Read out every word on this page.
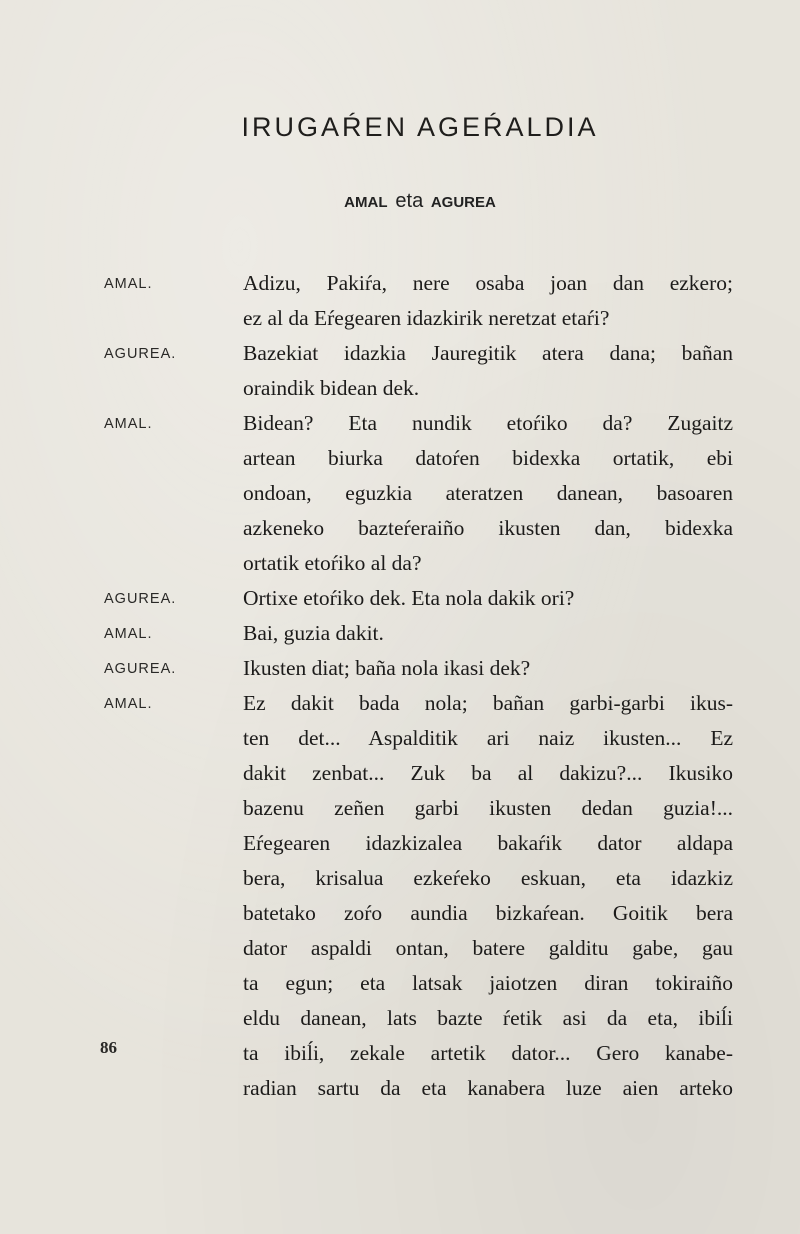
IRUGAŔEN AGEŔALDIA
AMAL eta AGUREA
AMAL.	Adizu, Pakiŕa, nere osaba joan dan ezkero;
ez al da Eŕegearen idazkirik neretzat etaŕi?
AGUREA.	Bazekiat idazkia Jauregitik atera dana; bañan
oraindik bidean dek.
AMAL.	Bidean? Eta nundik etoŕiko da? Zugaitz
artean biurka datoŕen bidexka ortatik, ebi
ondoan, eguzkia ateratzen danean, basoaren
azkeneko bazteŕeraiño ikusten dan, bidexka
ortatik etoŕiko al da?
AGUREA.	Ortixe etoŕiko dek. Eta nola dakik ori?
AMAL.	Bai, guzia dakit.
AGUREA.	Ikusten diat; baña nola ikasi dek?
AMAL.	Ez dakit bada nola; bañan garbi-garbi ikus-
ten det... Aspalditik ari naiz ikusten... Ez
dakit zenbat... Zuk ba al dakizu?... Ikusiko
bazenu zeñen garbi ikusten dedan guzia!...
Eŕegearen idazkizalea bakaŕik dator aldapa
bera, krisalua ezkeŕeko eskuan, eta idazkiz
batetako zoŕo aundia bizkaŕean. Goitik bera
dator aspaldi ontan, batere galditu gabe, gau
ta egun; eta latsak jaiotzen diran tokiraiño
eldu danean, lats bazte ŕetik asi da eta, ibiĺi
ta ibiĺi, zekale artetik dator... Gero kanabe-
radian sartu da eta kanabera luze aien arteko
86
